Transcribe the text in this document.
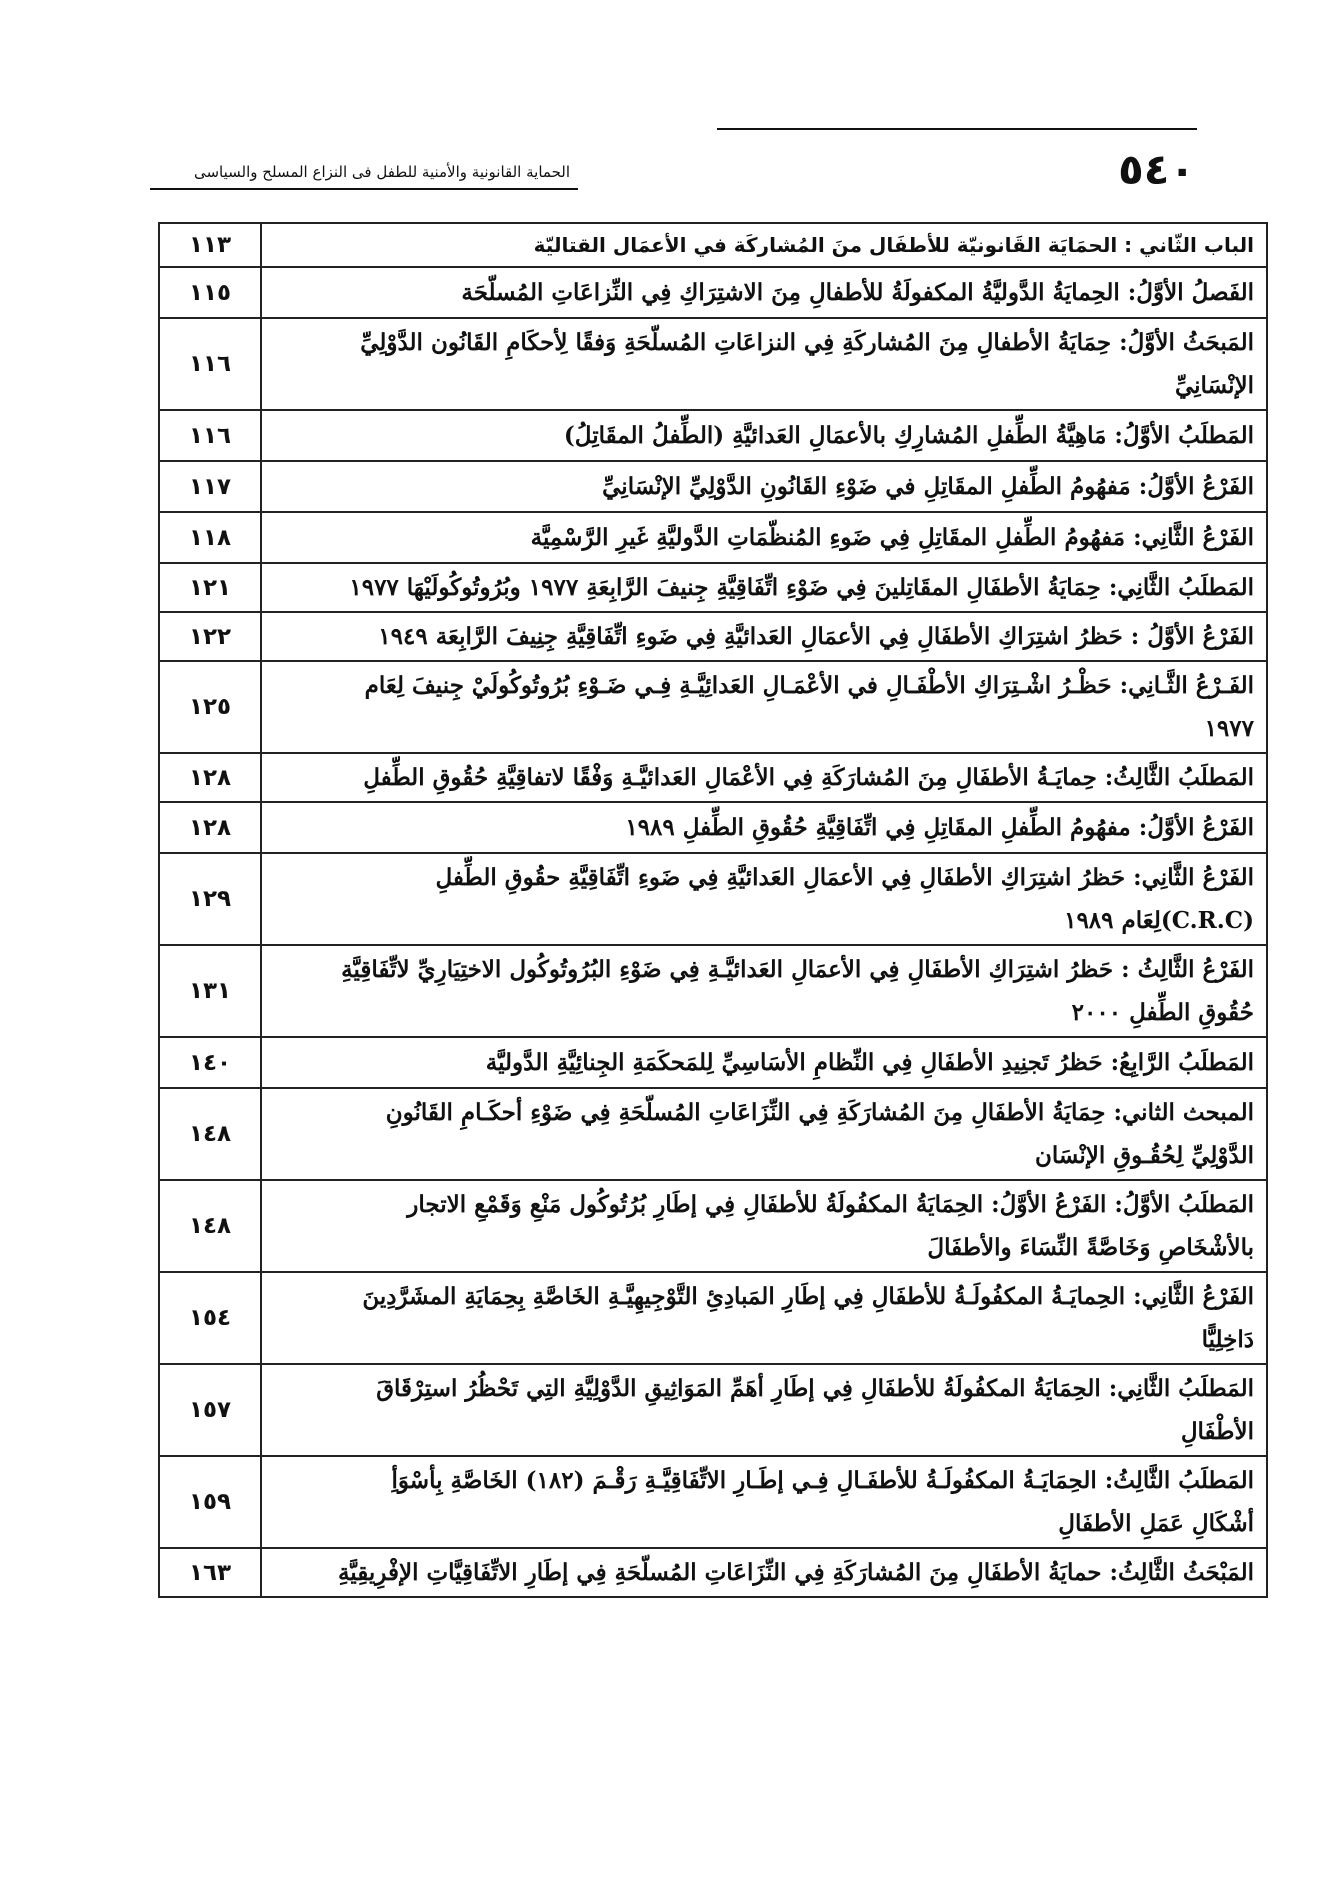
٥٤٠
الحماية القانونية والأمنية للطفل فى النزاع المسلح والسياسى
الباب الثّاني : الحمَايَة القَانونيّة للأطفَال منَ المُشاركَة في الأعمَال القتاليّة	١١٣
الفَصلُ الأوَّلُ: الحِمايَةُ الدَّوليَّةُ المكفولَةُ للأطفالِ مِنَ الاشتِرَاكِ فِي النِّزاعَاتِ المُسلّحَة	١١٥
المَبحَثُ الأوَّلُ: حِمَايَةُ الأطفالِ مِنَ المُشاركَةِ فِي النزاعَاتِ المُسلّحَةِ وَفقًا لِأحكَامِ القَانُون الدَّوْلِيِّ الإنْسَانِيِّ	١١٦
المَطلَبُ الأوَّلُ: مَاهِيَّةُ الطِّفلِ المُشارِكِ بالأعمَالِ العَدائيَّةِ (الطِّفلُ المقَاتِلُ)	١١٦
الفَرْعُ الأوَّلُ: مَفهُومُ الطِّفلِ المقَاتِلِ في ضَوْءِ القَانُونِ الدَّوْلِيِّ الإنْسَانِيِّ	١١٧
الفَرْعُ الثَّانِي: مَفهُومُ الطِّفلِ المقَاتِلِ فِي ضَوءِ المُنظّمَاتِ الدَّوليَّةِ غَيرِ الرَّسْمِيَّة	١١٨
المَطلَبُ الثَّانِي: حِمَايَةُ الأطفَالِ المقَاتِلينَ فِي ضَوْءِ اتِّفَاقِيَّةِ جِنيفَ الرَّابِعَةِ ١٩٧٧ وبُرُوتُوكُولَيْهَا ١٩٧٧	١٢١
الفَرْعُ الأوَّلُ : حَظرُ اشتِرَاكِ الأطفَالِ فِي الأعمَالِ العَدائيَّةِ فِي ضَوءِ اتِّفَاقِيَّةِ جِنِيفَ الرَّابِعَة ١٩٤٩	١٢٢
الفَـرْعُ الثَّـانِي: حَظْـرُ اشْـتِرَاكِ الأطْفَـالِ في الأعْمَـالِ العَدائِيَّـةِ فِـي ضَـوْءِ بُرُوتُوكُولَيْ جِنيفَ لِعَام ١٩٧٧	١٢٥
المَطلَبُ الثَّالِثُ: حِمايَـةُ الأطفَالِ مِنَ المُشارَكَةِ فِي الأعْمَالِ العَدائيَّـةِ وَفْقًا لاتفاقِيَّةِ حُقُوقِ الطِّفلِ	١٢٨
الفَرْعُ الأوَّلُ: مفهُومُ الطِّفلِ المقَاتِلِ فِي اتِّفَاقِيَّةِ حُقُوقِ الطِّفلِ ١٩٨٩	١٢٨
الفَرْعُ الثَّانِي: حَظرُ اشتِرَاكِ الأطفَالِ فِي الأعمَالِ العَدائيَّةِ فِي ضَوءِ اتِّفَاقِيَّةِ حقُوقِ الطِّفلِ (C.R.C)لِعَام ١٩٨٩	١٢٩
الفَرْعُ الثَّالِثُ : حَظرُ اشتِرَاكِ الأطفَالِ فِي الأعمَالِ العَدائيَّـةِ فِي ضَوْءِ البُرُوتُوكُول الاختِيَارِيِّ لاتِّفَاقِيَّةِ حُقُوقِ الطِّفلِ ٢٠٠٠	١٣١
المَطلَبُ الرَّابِعُ: حَظرُ تَجنِيدِ الأطفَالِ فِي النِّظامِ الأسَاسِيِّ لِلمَحكَمَةِ الجِنائِيَّةِ الدَّوليَّة	١٤٠
المبحث الثاني: حِمَايَةُ الأطفَالِ مِنَ المُشارَكَةِ فِي النِّزَاعَاتِ المُسلّحَةِ فِي ضَوْءِ أحكَـامِ القَانُونِ الدَّوْلِيِّ لِحُقُـوقِ الإنْسَان	١٤٨
المَطلَبُ الأوَّلُ: الفَرْعُ الأوَّلُ: الحِمَايَةُ المكفُولَةُ للأطفَالِ فِي إطَارِ بُرُتُوكُول مَنْعِ وَقَمْعِ الاتجار بالأشْخَاصِ وَخَاصَّةً النِّسَاءَ والأطفَالَ	١٤٨
الفَرْعُ الثَّانِي: الحِمايَـةُ المكفُولَـةُ للأطفَالِ فِي إطَارِ المَبادِئِ التَّوْجِيهِيَّـةِ الخَاصَّةِ بِحِمَايَةِ المشَرَّدِينَ دَاخِلِيًّا	١٥٤
المَطلَبُ الثَّانِي: الحِمَايَةُ المكفُولَةُ للأطفَالِ فِي إطَارِ أهَمِّ المَوَاثِيقِ الدَّوْلِيَّةِ التِي تَحْظُرُ استِرْقَاقَ الأطْفَالِ	١٥٧
المَطلَبُ الثَّالِثُ: الحِمَايَـةُ المكفُولَـةُ للأطفَـالِ فِـي إطَـارِ الاتِّفَاقِيَّـةِ رَقْـمَ (١٨٢) الخَاصَّةِ بِأسْوَأِ أشْكَالِ عَمَلِ الأطفَالِ	١٥٩
المَبْحَثُ الثَّالِثُ: حمايَةُ الأطفَالِ مِنَ المُشارَكَةِ فِي النِّزَاعَاتِ المُسلّحَةِ فِي إطَارِ الاتِّفَاقِيَّاتِ الإفْرِيقِيَّةِ	١٦٣
